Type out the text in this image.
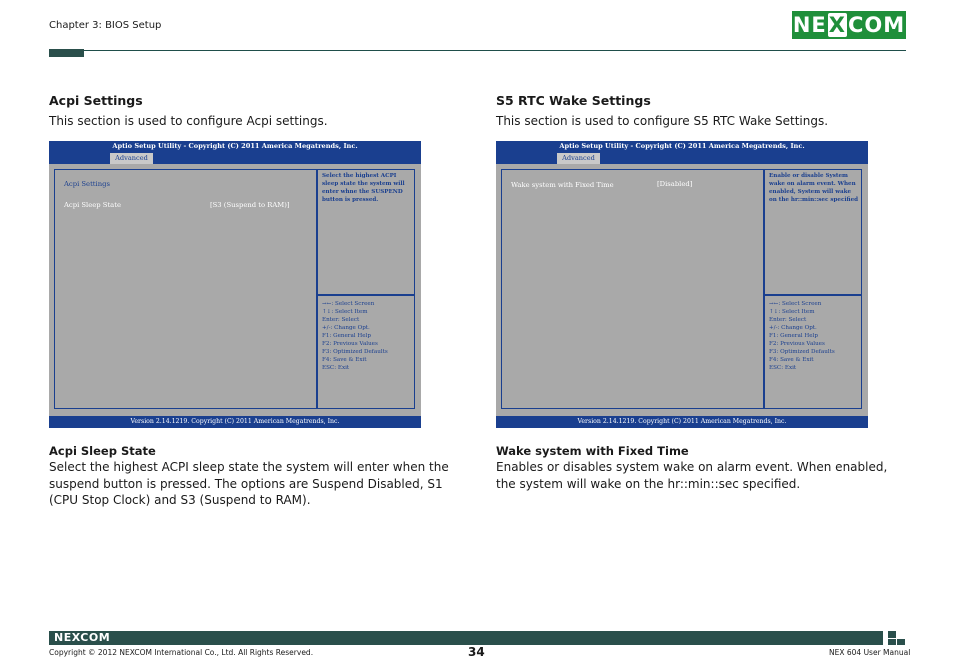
Chapter 3: BIOS Setup	NE X COM
Acpi Settings
This section is used to configure Acpi settings.
Aptio Setup Utility - Copyright (C) 2011 America Megatrends, Inc.
Advanced
Acpi Settings
Acpi Sleep State	[S3 (Suspend to RAM)]
Select the highest ACPI sleep state the system will enter whne the SUSPEND button is pressed.
→←: Select Screen
↑↓: Select Item
Enter: Select
+/-: Change Opt.
F1: General Help
F2: Previous Values
F3: Optimized Defaults
F4: Save & Exit
ESC: Exit
Version 2.14.1219. Copyright (C) 2011 American Megatrends, Inc.
Acpi Sleep State
Select the highest ACPI sleep state the system will enter when the suspend button is pressed. The options are Suspend Disabled, S1 (CPU Stop Clock) and S3 (Suspend to RAM).
S5 RTC Wake Settings
This section is used to configure S5 RTC Wake Settings.
Aptio Setup Utility - Copyright (C) 2011 America Megatrends, Inc.
Advanced
Wake system with Fixed Time	[Disabled]
Enable or disable System wake on alarm event. When enabled, System will wake on the hr::min::sec specified
→←: Select Screen
↑↓: Select Item
Enter: Select
+/-: Change Opt.
F1: General Help
F2: Previous Values
F3: Optimized Defaults
F4: Save & Exit
ESC: Exit
Version 2.14.1219. Copyright (C) 2011 American Megatrends, Inc.
Wake system with Fixed Time
Enables or disables system wake on alarm event. When enabled, the system will wake on the hr::min::sec specified.
NEXCOM
Copyright © 2012 NEXCOM International Co., Ltd. All Rights Reserved.	34	NEX 604 User Manual
